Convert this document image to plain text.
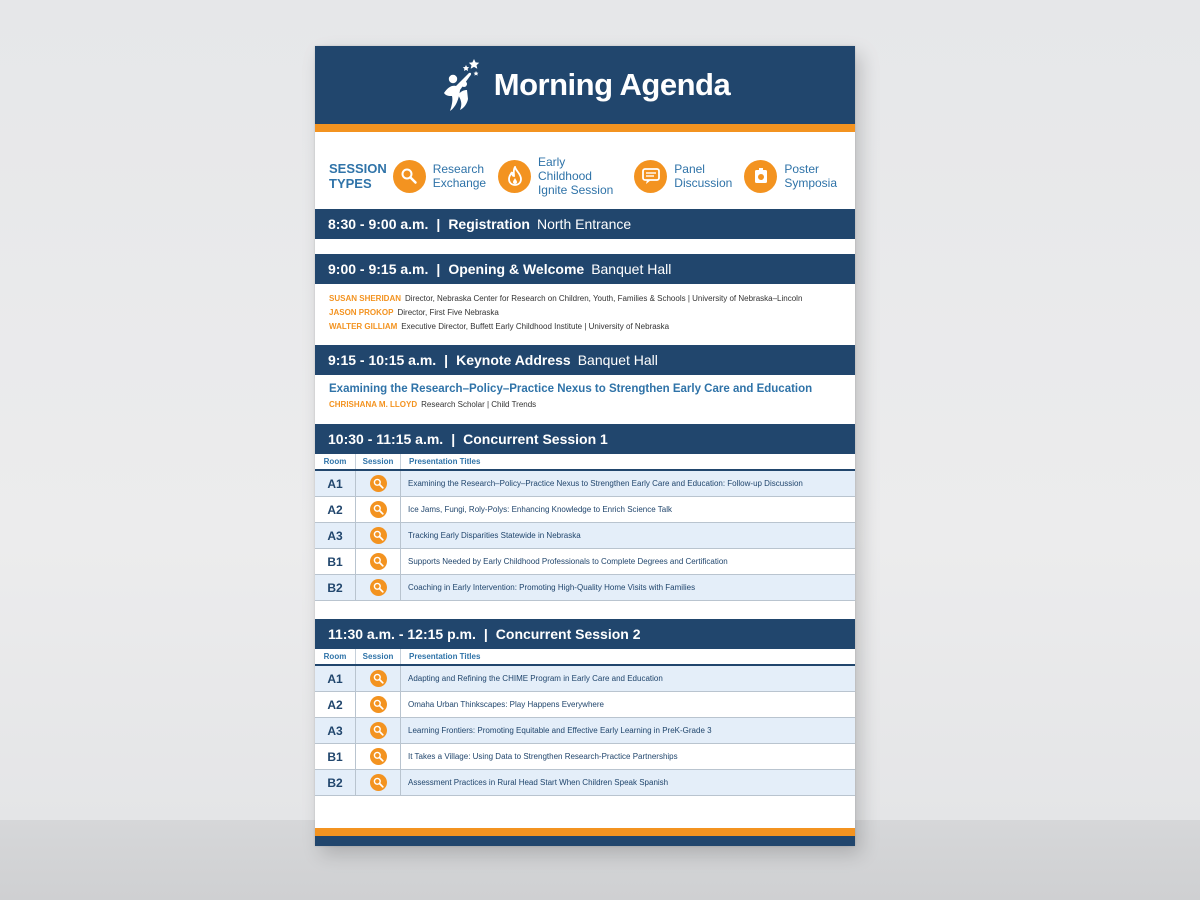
Morning Agenda
SESSION
TYPES
Research
Exchange
Early Childhood
Ignite Session
Panel
Discussion
Poster
Symposia
8:30 - 9:00 a.m. | Registration North Entrance
9:00 - 9:15 a.m. | Opening & Welcome Banquet Hall
SUSAN SHERIDAN Director, Nebraska Center for Research on Children, Youth, Families & Schools | University of Nebraska–Lincoln
JASON PROKOP Director, First Five Nebraska
WALTER GILLIAM Executive Director, Buffett Early Childhood Institute | University of Nebraska
9:15 - 10:15 a.m. | Keynote Address Banquet Hall
Examining the Research–Policy–Practice Nexus to Strengthen Early Care and Education
CHRISHANA M. LLOYD Research Scholar | Child Trends
10:30 - 11:15 a.m. | Concurrent Session 1
Room	Session	Presentation Titles
A1		Examining the Research–Policy–Practice Nexus to Strengthen Early Care and Education: Follow-up Discussion
A2		Ice Jams, Fungi, Roly-Polys: Enhancing Knowledge to Enrich Science Talk
A3		Tracking Early Disparities Statewide in Nebraska
B1		Supports Needed by Early Childhood Professionals to Complete Degrees and Certification
B2		Coaching in Early Intervention: Promoting High-Quality Home Visits with Families
11:30 a.m. - 12:15 p.m. | Concurrent Session 2
Room	Session	Presentation Titles
A1		Adapting and Refining the CHIME Program in Early Care and Education
A2		Omaha Urban Thinkscapes: Play Happens Everywhere
A3		Learning Frontiers: Promoting Equitable and Effective Early Learning in PreK-Grade 3
B1		It Takes a Village: Using Data to Strengthen Research-Practice Partnerships
B2		Assessment Practices in Rural Head Start When Children Speak Spanish
